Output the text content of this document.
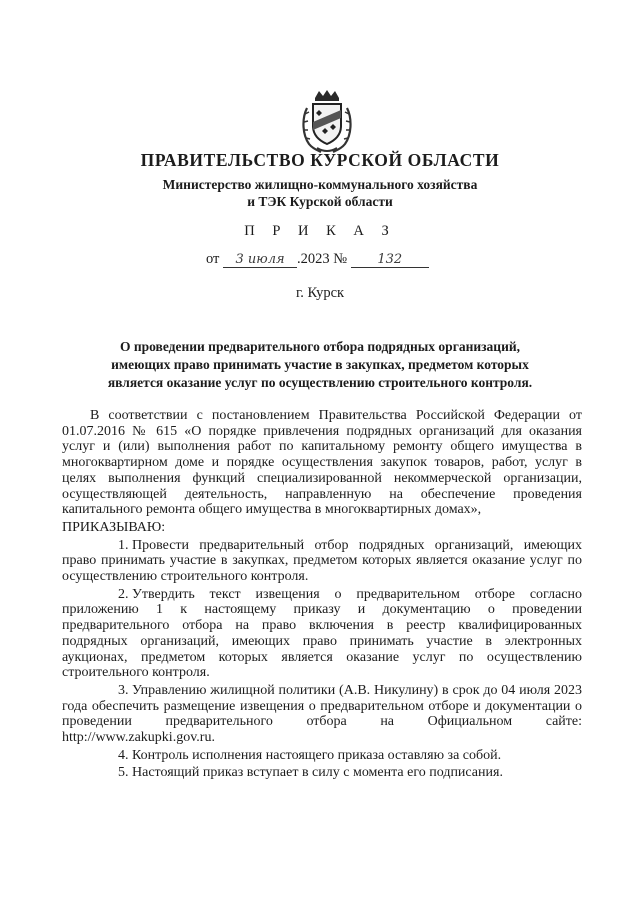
ПРАВИТЕЛЬСТВО КУРСКОЙ ОБЛАСТИ
Министерство жилищно-коммунального хозяйства
и ТЭК Курской области
П Р И К А З
от 3 июля .2023 № 132
г. Курск
О проведении предварительного отбора подрядных организаций,
имеющих право принимать участие в закупках, предметом которых
является оказание услуг по осуществлению строительного контроля.

В соответствии с постановлением Правительства Российской Федерации от 01.07.2016 № 615 «О порядке привлечения подрядных организаций для оказания услуг и (или) выполнения работ по капитальному ремонту общего имущества в многоквартирном доме и порядке осуществления закупок товаров, работ, услуг в целях выполнения функций специализированной некоммерческой организации, осуществляющей деятельность, направленную на обеспечение проведения капитального ремонта общего имущества в многоквартирных домах»,

ПРИКАЗЫВАЮ:

1. Провести предварительный отбор подрядных организаций, имеющих право принимать участие в закупках, предметом которых является оказание услуг по осуществлению строительного контроля.

2. Утвердить текст извещения о предварительном отборе согласно приложению 1 к настоящему приказу и документацию о проведении предварительного отбора на право включения в реестр квалифицированных подрядных организаций, имеющих право принимать участие в электронных аукционах, предметом которых является оказание услуг по осуществлению строительного контроля.

3. Управлению жилищной политики (А.В. Никулину) в срок до 04 июля 2023 года обеспечить размещение извещения о предварительном отборе и документации о проведении предварительного отбора на Официальном сайте: http://www.zakupki.gov.ru.

4. Контроль исполнения настоящего приказа оставляю за собой.

5. Настоящий приказ вступает в силу с момента его подписания.
